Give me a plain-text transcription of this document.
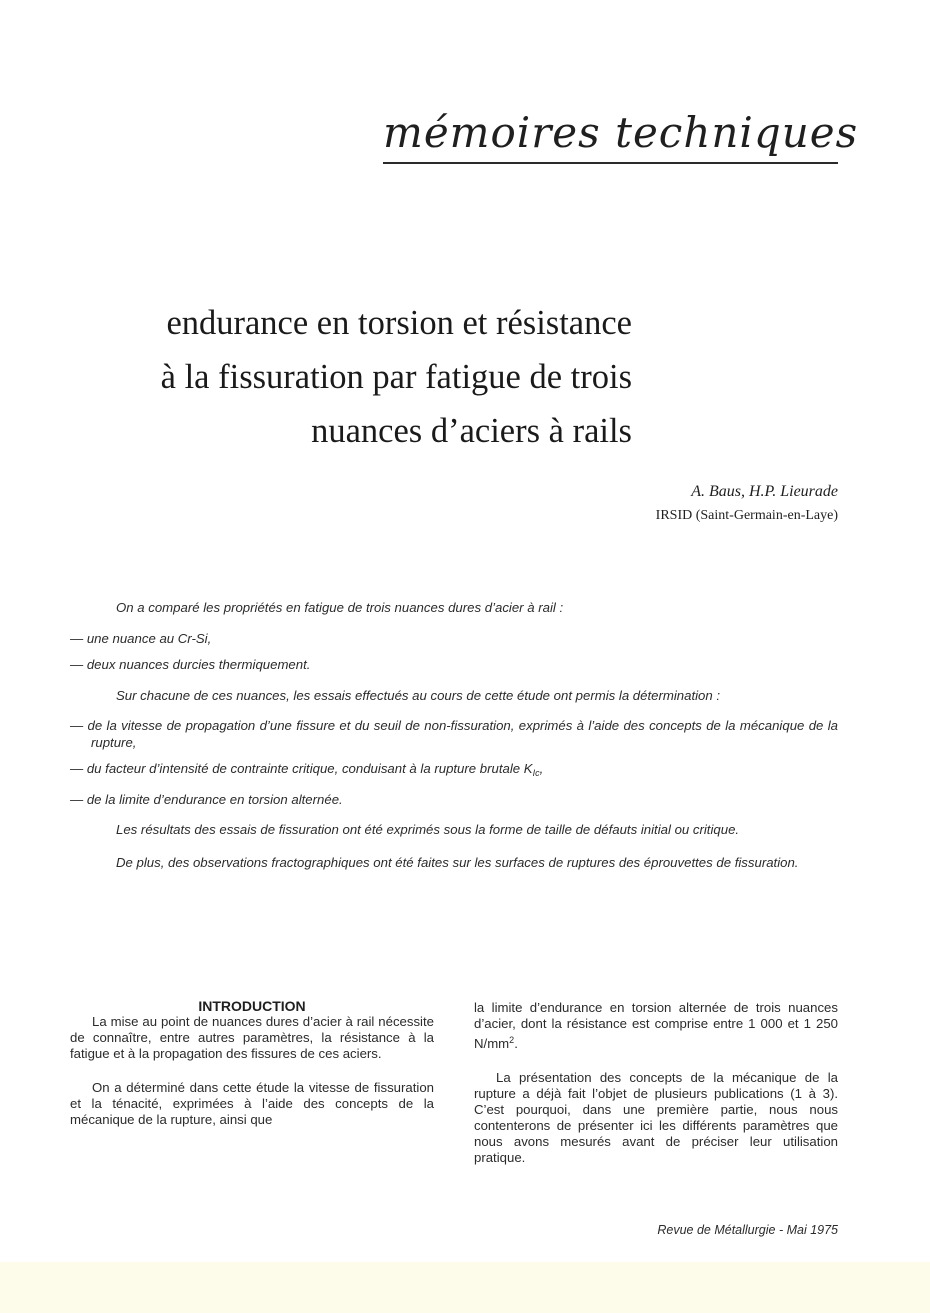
mémoires techniques
endurance en torsion et résistance
à la fissuration par fatigue de trois
nuances d’aciers à rails
A. Baus, H.P. Lieurade
IRSID (Saint-Germain-en-Laye)

On a comparé les propriétés en fatigue de trois nuances dures d’acier à rail :

— une nuance au Cr-Si,

— deux nuances durcies thermiquement.

Sur chacune de ces nuances, les essais effectués au cours de cette étude ont permis la détermination :

— de la vitesse de propagation d’une fissure et du seuil de non-fissuration, exprimés à l’aide des concepts de la mécanique de la rupture,

— du facteur d’intensité de contrainte critique, conduisant à la rupture brutale $K_{Ic}$,

— de la limite d’endurance en torsion alternée.

Les résultats des essais de fissuration ont été exprimés sous la forme de taille de défauts initial ou critique.

De plus, des observations fractographiques ont été faites sur les surfaces de ruptures des éprouvettes de fissuration.

INTRODUCTION

La mise au point de nuances dures d’acier à rail nécessite de connaître, entre autres paramètres, la résistance à la fatigue et à la propagation des fissures de ces aciers.

On a déterminé dans cette étude la vitesse de fissuration et la ténacité, exprimées à l’aide des concepts de la mécanique de la rupture, ainsi que

la limite d’endurance en torsion alternée de trois nuances d’acier, dont la résistance est comprise entre 1 000 et 1 250 $N/mm^2$.

La présentation des concepts de la mécanique de la rupture a déjà fait l’objet de plusieurs publications (1 à 3). C’est pourquoi, dans une première partie, nous nous contenterons de présenter ici les différents paramètres que nous avons mesurés avant de préciser leur utilisation pratique.

Revue de Métallurgie - Mai 1975
